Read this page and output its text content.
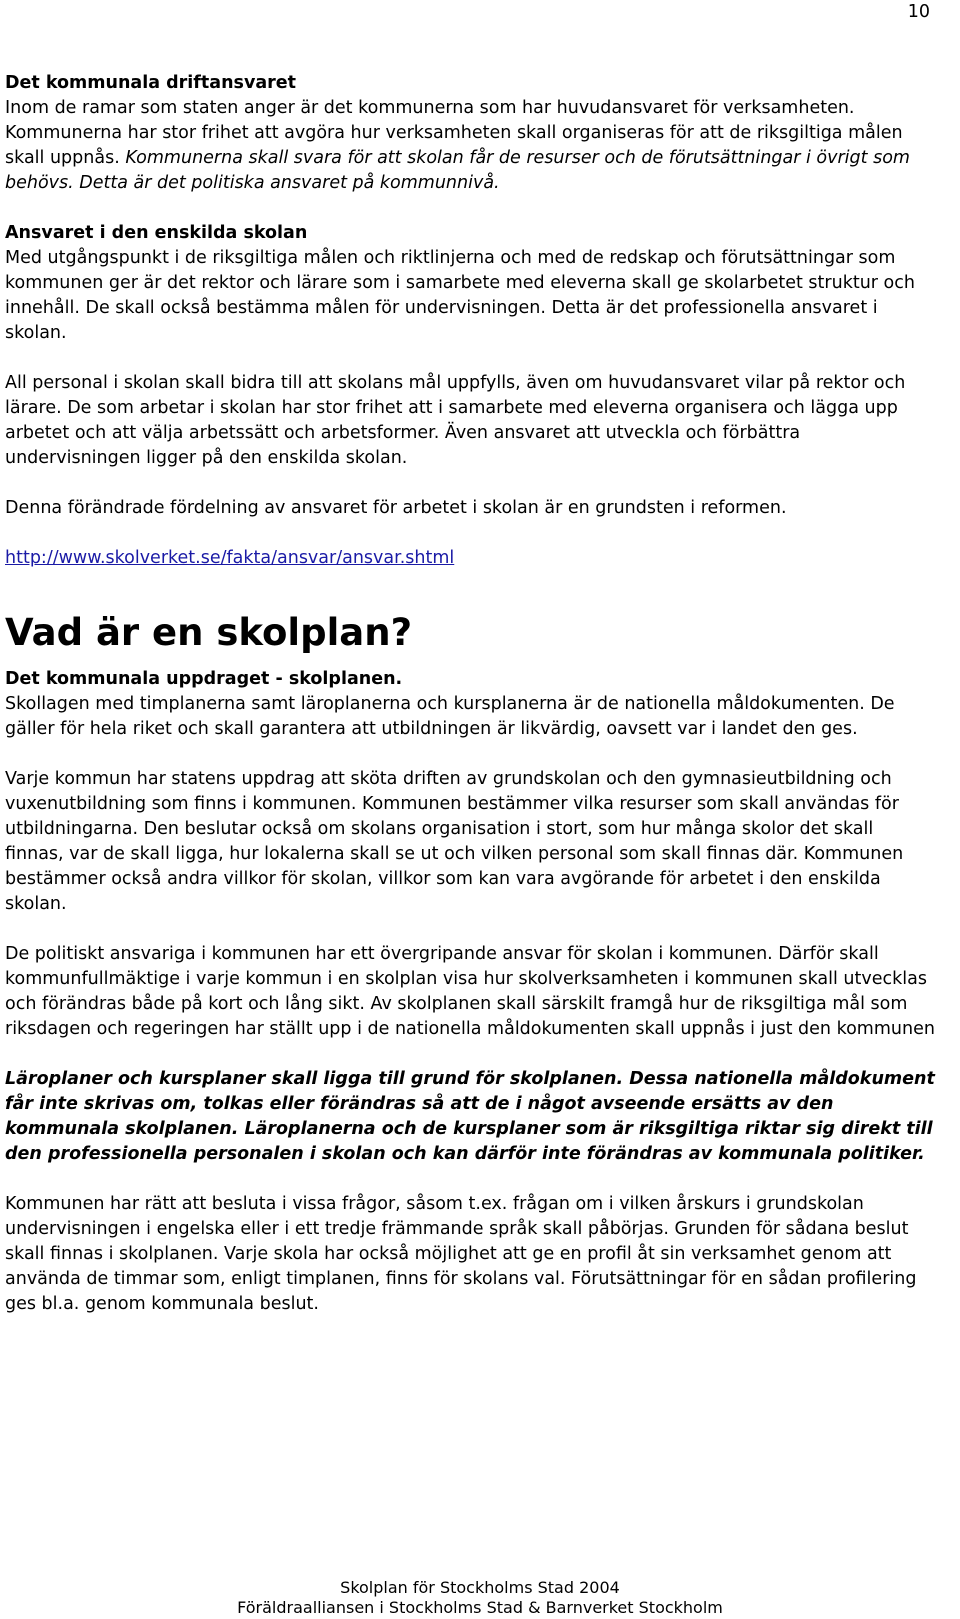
10

Det kommunala driftansvaret

Inom de ramar som staten anger är det kommunerna som har huvudansvaret för verksamheten. Kommunerna har stor frihet att avgöra hur verksamheten skall organiseras för att de riksgiltiga målen skall uppnås. Kommunerna skall svara för att skolan får de resurser och de förutsättningar i övrigt som behövs. Detta är det politiska ansvaret på kommunnivå.

Ansvaret i den enskilda skolan

Med utgångspunkt i de riksgiltiga målen och riktlinjerna och med de redskap och förutsättningar som kommunen ger är det rektor och lärare som i samarbete med eleverna skall ge skolarbetet struktur och innehåll. De skall också bestämma målen för undervisningen. Detta är det professionella ansvaret i skolan.

All personal i skolan skall bidra till att skolans mål uppfylls, även om huvudansvaret vilar på rektor och lärare. De som arbetar i skolan har stor frihet att i samarbete med eleverna organisera och lägga upp arbetet och att välja arbetssätt och arbetsformer. Även ansvaret att utveckla och förbättra undervisningen ligger på den enskilda skolan.

Denna förändrade fördelning av ansvaret för arbetet i skolan är en grundsten i reformen.

http://www.skolverket.se/fakta/ansvar/ansvar.shtml

Vad är en skolplan?

Det kommunala uppdraget - skolplanen.

Skollagen med timplanerna samt läroplanerna och kursplanerna är de nationella måldokumenten. De gäller för hela riket och skall garantera att utbildningen är likvärdig, oavsett var i landet den ges.

Varje kommun har statens uppdrag att sköta driften av grundskolan och den gymnasieutbildning och vuxenutbildning som finns i kommunen. Kommunen bestämmer vilka resurser som skall användas för utbildningarna. Den beslutar också om skolans organisation i stort, som hur många skolor det skall finnas, var de skall ligga, hur lokalerna skall se ut och vilken personal som skall finnas där. Kommunen bestämmer också andra villkor för skolan, villkor som kan vara avgörande för arbetet i den enskilda skolan.

De politiskt ansvariga i kommunen har ett övergripande ansvar för skolan i kommunen. Därför skall kommunfullmäktige i varje kommun i en skolplan visa hur skolverksamheten i kommunen skall utvecklas och förändras både på kort och lång sikt. Av skolplanen skall särskilt framgå hur de riksgiltiga mål som riksdagen och regeringen har ställt upp i de nationella måldokumenten skall uppnås i just den kommunen

Läroplaner och kursplaner skall ligga till grund för skolplanen. Dessa nationella måldokument får inte skrivas om, tolkas eller förändras så att de i något avseende ersätts av den kommunala skolplanen. Läroplanerna och de kursplaner som är riksgiltiga riktar sig direkt till den professionella personalen i skolan och kan därför inte förändras av kommunala politiker.

Kommunen har rätt att besluta i vissa frågor, såsom t.ex. frågan om i vilken årskurs i grundskolan undervisningen i engelska eller i ett tredje främmande språk skall påbörjas. Grunden för sådana beslut skall finnas i skolplanen. Varje skola har också möjlighet att ge en profil åt sin verksamhet genom att använda de timmar som, enligt timplanen, finns för skolans val. Förutsättningar för en sådan profilering ges bl.a. genom kommunala beslut.

Skolplan för Stockholms Stad 2004
Föräldraalliansen i Stockholms Stad & Barnverket Stockholm
